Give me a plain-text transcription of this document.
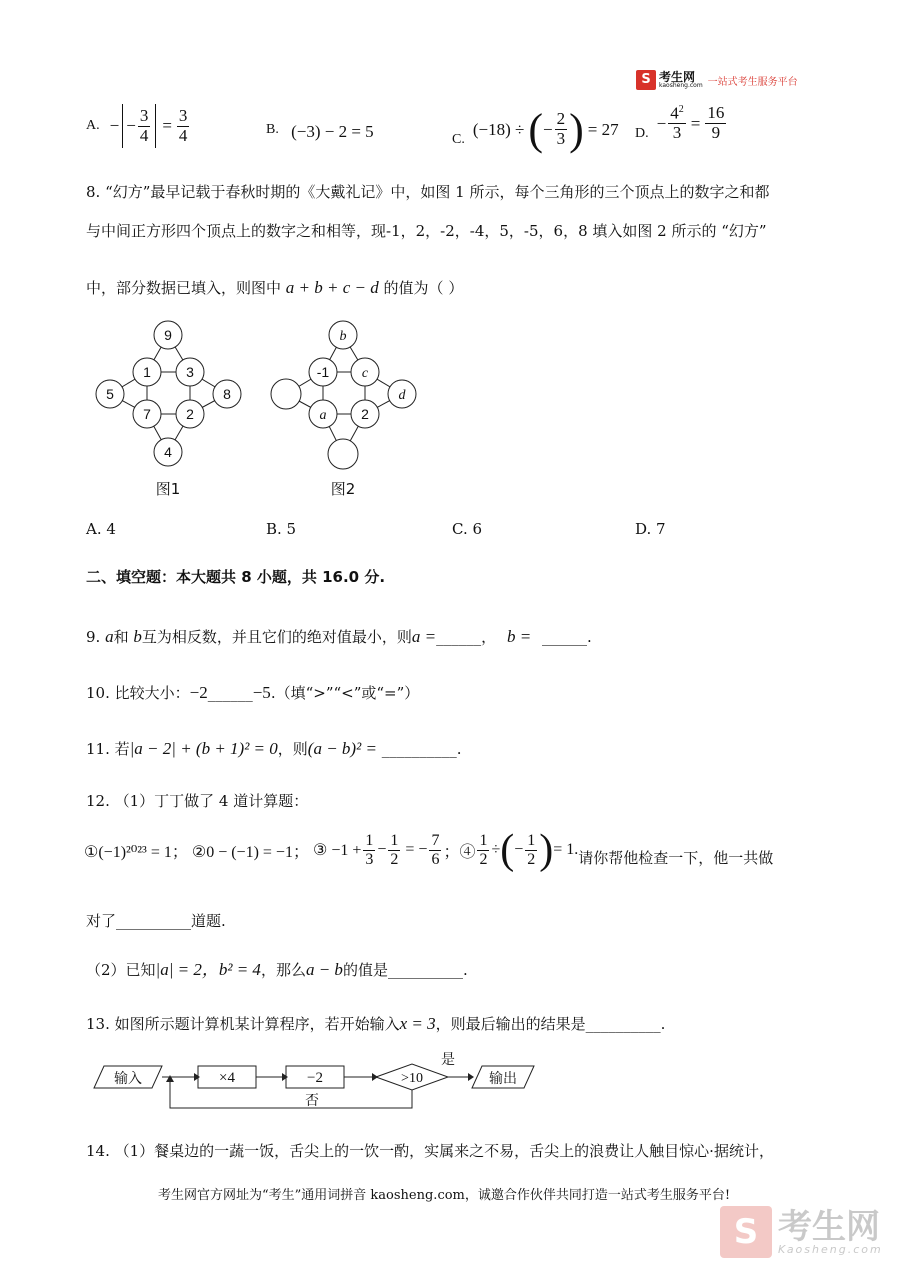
S 考生网
kaosheng.com 一站式考生服务平台
A. − − $\frac{3}{4} = \frac{3}{4}$	$^{B.}$ (−3) − 2 = 5	C.
(−18) ÷ ( − $\frac{2}{3}$ ) = 27 D.
− $\frac{4^2}{3} = \frac{16}{9}$
8. “幻方”最早记载于春秋时期的《大戴礼记》中，如图 1 所示，每个三角形的三个顶点上的数字之和都
与中间正方形四个顶点上的数字之和相等，现-1，2，-2，-4，5，-5，6，8 填入如图 2 所示的 “幻方”
中，部分数据已填入，则图中 a + b + c − d 的值为（ ）
9
1	3
5
7	2
8
4
图1
b
-1 c
a 2
d
图2
A. 4	B. 5	C. 6	D. 7
二、填空题：本大题共 8 小题，共 16.0 分.
9. a和 b互为相反数，并且它们的绝对值最小，则a =______， b = ______.
10. 比较大小：−2______−5.（填“>”“<”或“=”）
11. 若|a − 2| + (b + 1)² = 0，则(a − b)² = __________.
12. （1）丁丁做了 4 道计算题：
①(−1)²⁰²³ = 1； ②0 − (−1) = −1； ③ $-1 + \frac{1}{3} - \frac{1}{2}$ = − $\frac{7}{6}$ ；④ $\frac{1}{2}$ ÷ ( − $\frac{1}{2}$ ) = 1. 请你帮他检查一下，他一共做
对了__________道题.
（2）已知|a| = 2，b² = 4，那么a − b的值是__________.
13. 如图所示题计算机某计算程序，若开始输入x = 3，则最后输出的结果是__________.
输入	×4	−2	>10
是
否
输出
14. （1）餐桌边的一蔬一饭，舌尖上的一饮一酌，实属来之不易，舌尖上的浪费让人触目惊心·据统计，
考生网官方网址为“考生”通用词拼音 kaosheng.com，诚邀合作伙伴共同打造一站式考生服务平台!
S 考生网
Kaosheng.com
